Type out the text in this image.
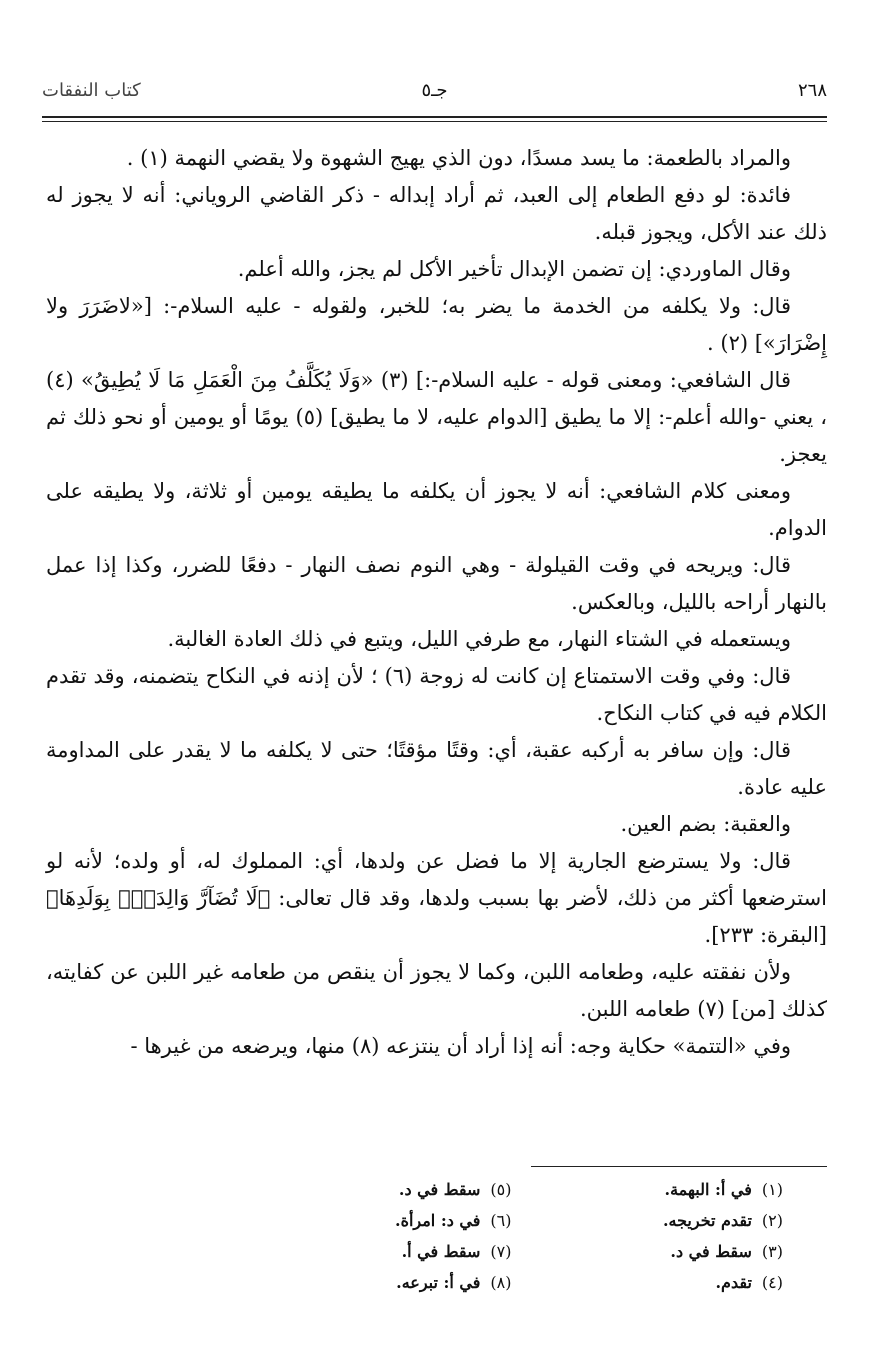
٢٦٨
جـ٥
كتاب النفقات

والمراد بالطعمة: ما يسد مسدًا، دون الذي يهيج الشهوة ولا يقضي النهمة (١) .

فائدة: لو دفع الطعام إلى العبد، ثم أراد إبداله - ذكر القاضي الروياني: أنه لا يجوز له ذلك عند الأكل، ويجوز قبله.

وقال الماوردي: إن تضمن الإبدال تأخير الأكل لم يجز، والله أعلم.

قال: ولا يكلفه من الخدمة ما يضر به؛ للخبر، ولقوله - عليه السلام-: [«لاضَرَرَ ولا إِضْرَارَ»] (٢) .

قال الشافعي: ومعنى قوله - عليه السلام-:] (٣) «وَلَا يُكَلَّفُ مِنَ الْعَمَلِ مَا لَا يُطِيقُ» (٤) ، يعني -والله أعلم-: إلا ما يطيق [الدوام عليه، لا ما يطيق] (٥) يومًا أو يومين أو نحو ذلك ثم يعجز.

ومعنى كلام الشافعي: أنه لا يجوز أن يكلفه ما يطيقه يومين أو ثلاثة، ولا يطيقه على الدوام.

قال: ويريحه في وقت القيلولة - وهي النوم نصف النهار - دفعًا للضرر، وكذا إذا عمل بالنهار أراحه بالليل، وبالعكس.

ويستعمله في الشتاء النهار، مع طرفي الليل، ويتبع في ذلك العادة الغالبة.

قال: وفي وقت الاستمتاع إن كانت له زوجة (٦) ؛ لأن إذنه في النكاح يتضمنه، وقد تقدم الكلام فيه في كتاب النكاح.

قال: وإن سافر به أركبه عقبة، أي: وقتًا مؤقتًا؛ حتى لا يكلفه ما لا يقدر على المداومة عليه عادة.

والعقبة: بضم العين.

قال: ولا يسترضع الجارية إلا ما فضل عن ولدها، أي: المملوك له، أو ولده؛ لأنه لو استرضعها أكثر من ذلك، لأضر بها بسبب ولدها، وقد قال تعالى: ﴿لَا تُضَآرَّ وَالِدَةُۢ بِوَلَدِهَا﴾ [البقرة: ٢٣٣].

ولأن نفقته عليه، وطعامه اللبن، وكما لا يجوز أن ينقص من طعامه غير اللبن عن كفايته، كذلك [من] (٧) طعامه اللبن.

وفي «التتمة» حكاية وجه: أنه إذا أراد أن ينتزعه (٨) منها، ويرضعه من غيرها -

(١)في أ: البهمة.
(٥)سقط في د.
(٢)تقدم تخريجه.
(٦)في د: امرأة.
(٣)سقط في د.
(٧)سقط في أ.
(٤)تقدم.
(٨)في أ: تبرعه.
